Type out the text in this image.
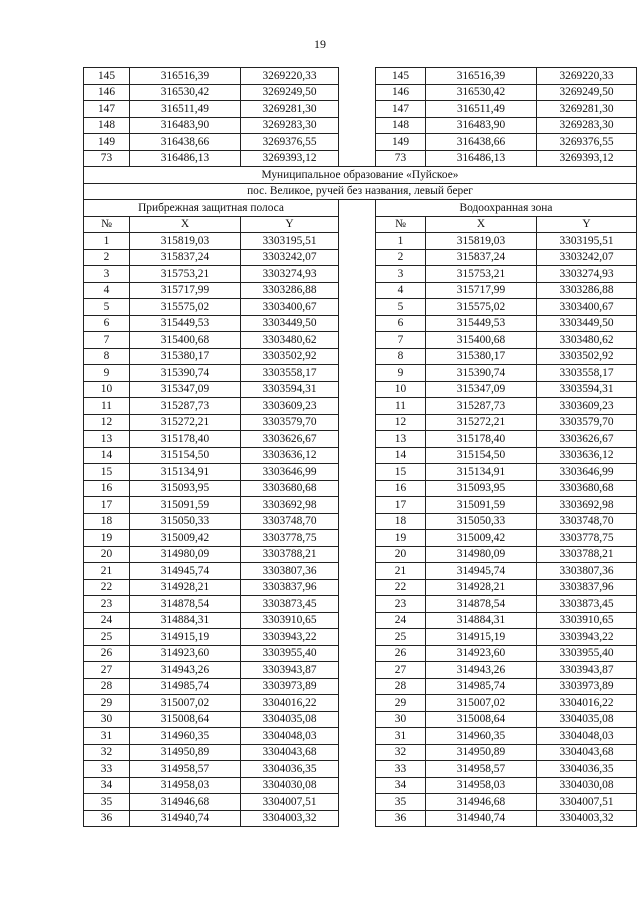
19
145	316516,39	3269220,33		145	316516,39	3269220,33
146	316530,42	3269249,50		146	316530,42	3269249,50
147	316511,49	3269281,30		147	316511,49	3269281,30
148	316483,90	3269283,30		148	316483,90	3269283,30
149	316438,66	3269376,55		149	316438,66	3269376,55
73	316486,13	3269393,12		73	316486,13	3269393,12
Муниципальное образование «Пуйское»						
пос. Великое, ручей без названия, левый берег						
Прибрежная защитная полоса				Водоохранная зона		
№	X	Y		№	X	Y
1	315819,03	3303195,51		1	315819,03	3303195,51
2	315837,24	3303242,07		2	315837,24	3303242,07
3	315753,21	3303274,93		3	315753,21	3303274,93
4	315717,99	3303286,88		4	315717,99	3303286,88
5	315575,02	3303400,67		5	315575,02	3303400,67
6	315449,53	3303449,50		6	315449,53	3303449,50
7	315400,68	3303480,62		7	315400,68	3303480,62
8	315380,17	3303502,92		8	315380,17	3303502,92
9	315390,74	3303558,17		9	315390,74	3303558,17
10	315347,09	3303594,31		10	315347,09	3303594,31
11	315287,73	3303609,23		11	315287,73	3303609,23
12	315272,21	3303579,70		12	315272,21	3303579,70
13	315178,40	3303626,67		13	315178,40	3303626,67
14	315154,50	3303636,12		14	315154,50	3303636,12
15	315134,91	3303646,99		15	315134,91	3303646,99
16	315093,95	3303680,68		16	315093,95	3303680,68
17	315091,59	3303692,98		17	315091,59	3303692,98
18	315050,33	3303748,70		18	315050,33	3303748,70
19	315009,42	3303778,75		19	315009,42	3303778,75
20	314980,09	3303788,21		20	314980,09	3303788,21
21	314945,74	3303807,36		21	314945,74	3303807,36
22	314928,21	3303837,96		22	314928,21	3303837,96
23	314878,54	3303873,45		23	314878,54	3303873,45
24	314884,31	3303910,65		24	314884,31	3303910,65
25	314915,19	3303943,22		25	314915,19	3303943,22
26	314923,60	3303955,40		26	314923,60	3303955,40
27	314943,26	3303943,87		27	314943,26	3303943,87
28	314985,74	3303973,89		28	314985,74	3303973,89
29	315007,02	3304016,22		29	315007,02	3304016,22
30	315008,64	3304035,08		30	315008,64	3304035,08
31	314960,35	3304048,03		31	314960,35	3304048,03
32	314950,89	3304043,68		32	314950,89	3304043,68
33	314958,57	3304036,35		33	314958,57	3304036,35
34	314958,03	3304030,08		34	314958,03	3304030,08
35	314946,68	3304007,51		35	314946,68	3304007,51
36	314940,74	3304003,32		36	314940,74	3304003,32
